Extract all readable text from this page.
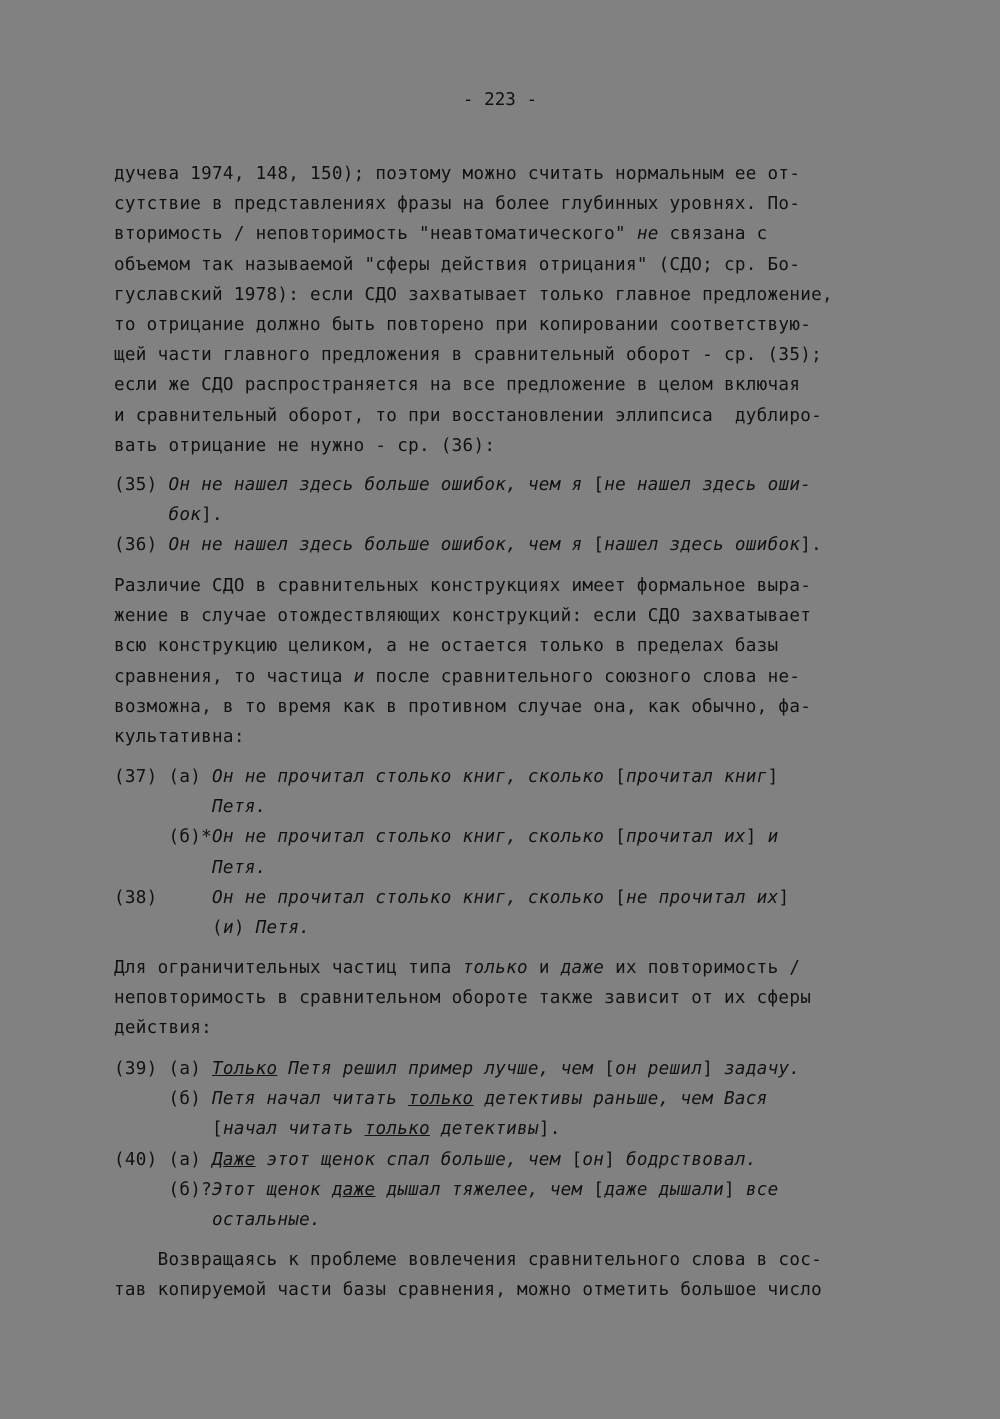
- 223 -
дучева 1974, 148, 150); поэтому можно считать нормальным ее от-
сутствие в представлениях фразы на более глубинных уровнях. По-
вторимость / неповторимость "неавтоматического" не связана с
объемом так называемой "сферы действия отрицания" (СДО; ср. Бо-
гуславский 1978): если СДО захватывает только главное предложение,
то отрицание должно быть повторено при копировании соответствую-
щей части главного предложения в сравнительный оборот - ср. (35);
если же СДО распространяется на все предложение в целом включая
и сравнительный оборот, то при восстановлении эллипсиса  дублиро-
вать отрицание не нужно - ср. (36):
(35) Он не нашел здесь больше ошибок, чем я [не нашел здесь оши-
бок].
(36) Он не нашел здесь больше ошибок, чем я [нашел здесь ошибок].
Различие СДО в сравнительных конструкциях имеет формальное выра-
жение в случае отождествляющих конструкций: если СДО захватывает
всю конструкцию целиком, а не остается только в пределах базы
сравнения, то частица и после сравнительного союзного слова не-
возможна, в то время как в противном случае она, как обычно, фа-
культативна:
(37) (а) Он не прочитал столько книг, сколько [прочитал книг]
Петя.
(б)*Он не прочитал столько книг, сколько [прочитал их] и
Петя.
(38)     Он не прочитал столько книг, сколько [не прочитал их]
(и) Петя.
Для ограничительных частиц типа только и даже их повторимость /
неповторимость в сравнительном обороте также зависит от их сферы
действия:
(39) (а) Только Петя решил пример лучше, чем [он решил] задачу.
(б) Петя начал читать только детективы раньше, чем Вася
[начал читать только детективы].
(40) (а) Даже этот щенок спал больше, чем [он] бодрствовал.
(б)?Этот щенок даже дышал тяжелее, чем [даже дышали] все
остальные.
Возвращаясь к проблеме вовлечения сравнительного слова в сос-
тав копируемой части базы сравнения, можно отметить большое число
